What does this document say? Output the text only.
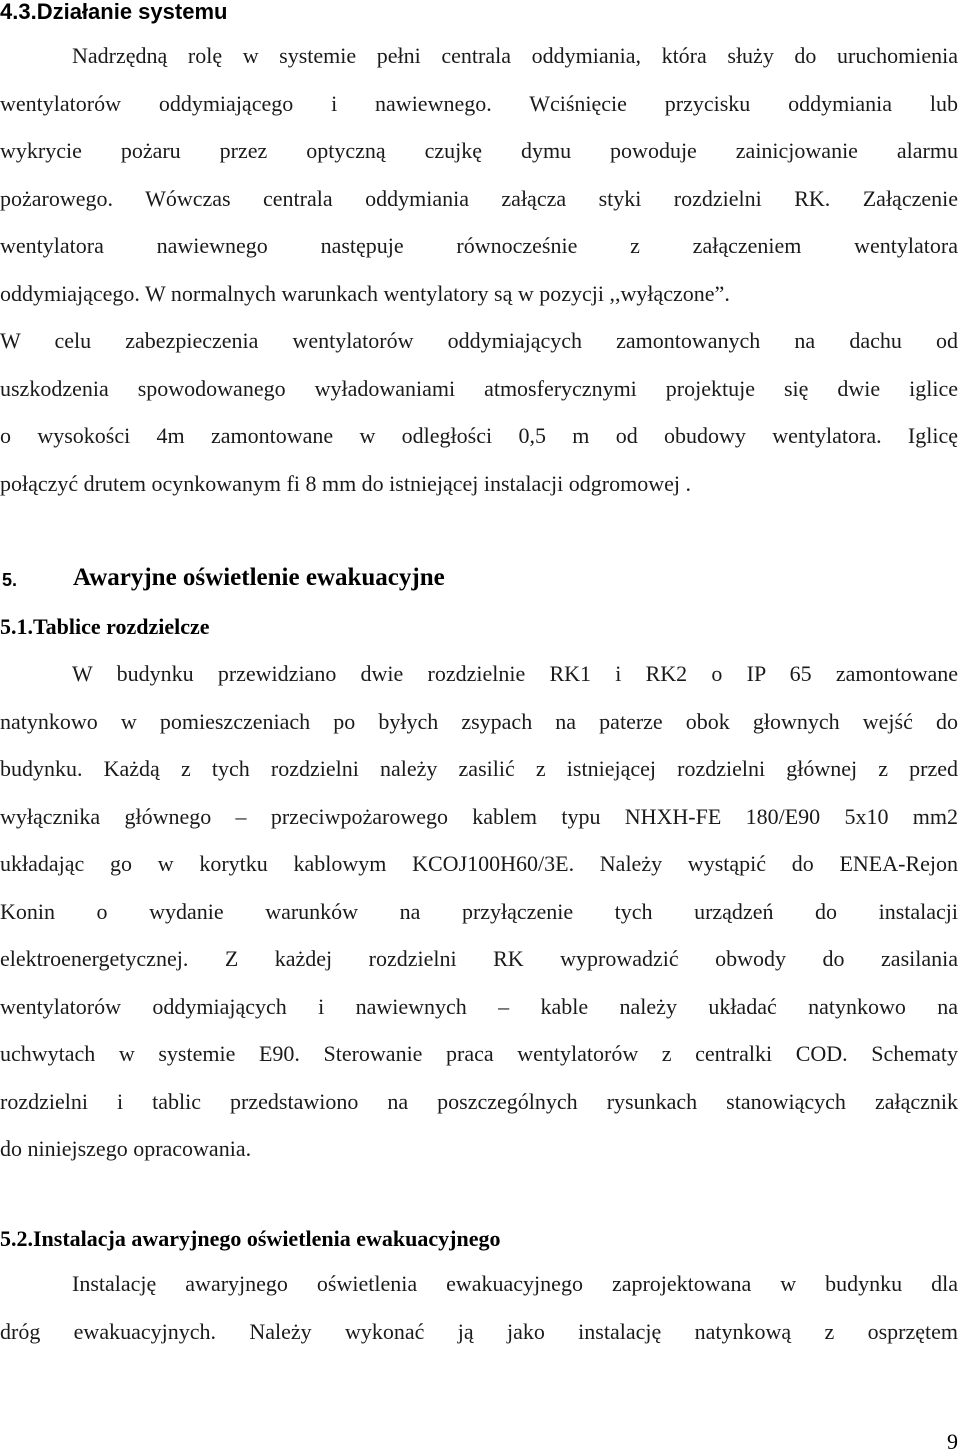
4.3.Działanie systemu
Nadrzędną rolę w systemie pełni centrala oddymiania, która służy do uruchomienia
wentylatorów oddymiającego i nawiewnego. Wciśnięcie przycisku oddymiania lub
wykrycie pożaru przez optyczną czujkę dymu powoduje zainicjowanie alarmu
pożarowego. Wówczas centrala oddymiania załącza styki rozdzielni RK. Załączenie
wentylatora nawiewnego następuje równocześnie z załączeniem wentylatora
oddymiającego. W normalnych warunkach wentylatory są w pozycji ,,wyłączone”.
W celu zabezpieczenia wentylatorów oddymiających zamontowanych na dachu od
uszkodzenia spowodowanego wyładowaniami atmosferycznymi projektuje się dwie iglice
o wysokości 4m zamontowane w odległości 0,5 m od obudowy wentylatora. Iglicę
połączyć drutem ocynkowanym fi 8 mm do istniejącej instalacji odgromowej .
5. Awaryjne oświetlenie ewakuacyjne
5.1.Tablice rozdzielcze
W budynku przewidziano dwie rozdzielnie RK1 i RK2 o IP 65 zamontowane
natynkowo w pomieszczeniach po byłych zsypach na paterze obok głownych wejść do
budynku. Każdą z tych rozdzielni należy zasilić z istniejącej rozdzielni głównej z przed
wyłącznika głównego – przeciwpożarowego kablem typu NHXH-FE 180/E90 5x10 mm2
układając go w korytku kablowym KCOJ100H60/3E. Należy wystąpić do ENEA-Rejon
Konin o wydanie warunków na przyłączenie tych urządzeń do instalacji
elektroenergetycznej. Z każdej rozdzielni RK wyprowadzić obwody do zasilania
wentylatorów oddymiających i nawiewnych – kable należy układać natynkowo na
uchwytach w systemie E90. Sterowanie praca wentylatorów z centralki COD. Schematy
rozdzielni i tablic przedstawiono na poszczególnych rysunkach stanowiących załącznik
do niniejszego opracowania.
5.2.Instalacja awaryjnego oświetlenia ewakuacyjnego
Instalację awaryjnego oświetlenia ewakuacyjnego zaprojektowana w budynku dla
dróg ewakuacyjnych. Należy wykonać ją jako instalację natynkową z osprzętem
9
